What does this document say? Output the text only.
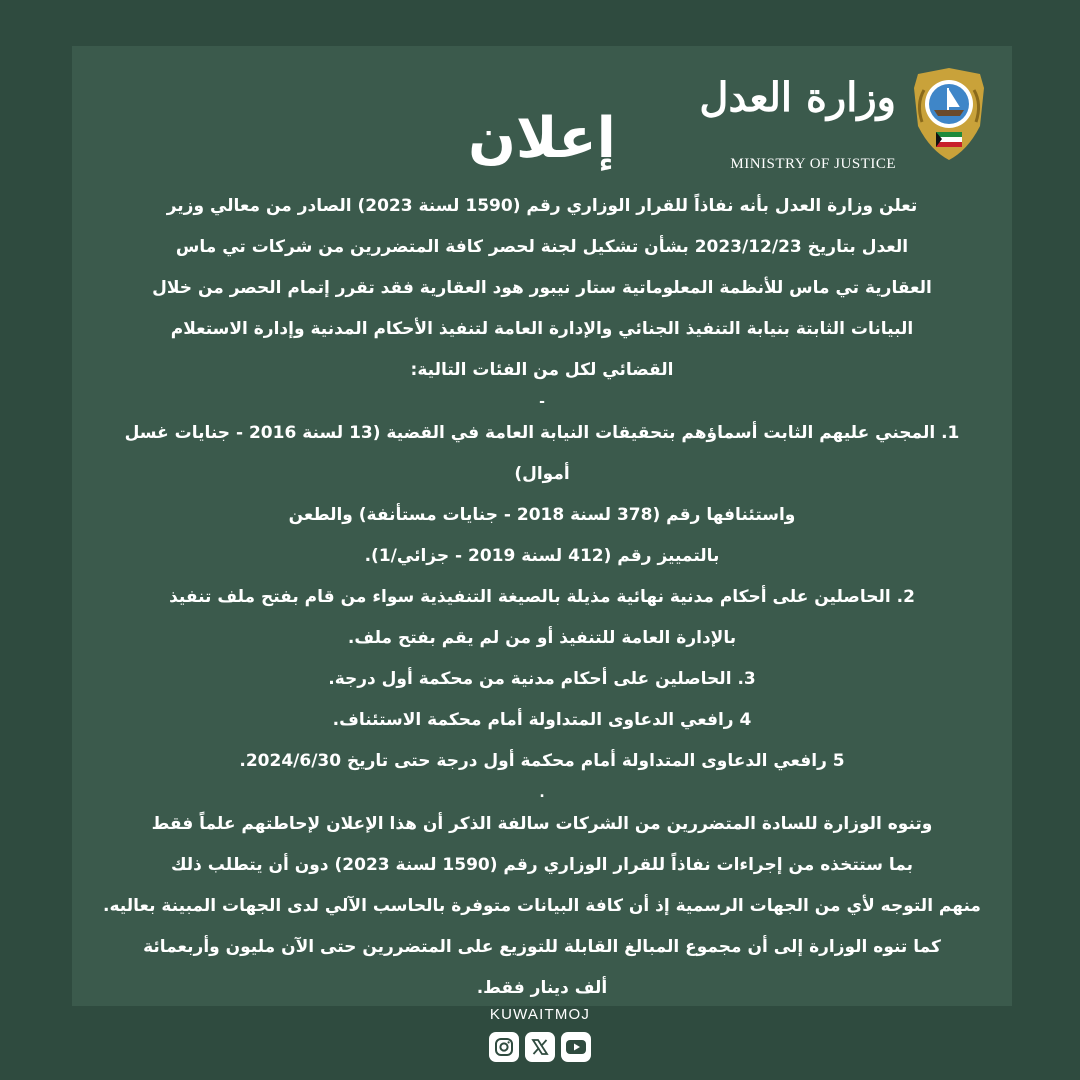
وزارة العدل
MINISTRY OF JUSTICE
إعلان

تعلن وزارة العدل بأنه نفاذاً للقرار الوزاري رقم (1590 لسنة 2023) الصادر من معالي وزير

العدل بتاريخ 2023/12/23 بشأن تشكيل لجنة لحصر كافة المتضررين من شركات تي ماس

العقارية تي ماس للأنظمة المعلوماتية ستار نيبور هود العقارية فقد تقرر إتمام الحصر من خلال

البيانات الثابتة بنيابة التنفيذ الجنائي والإدارة العامة لتنفيذ الأحكام المدنية وإدارة الاستعلام

القضائي لكل من الفئات التالية:

-

1. المجني عليهم الثابت أسماؤهم بتحقيقات النيابة العامة في القضية (13 لسنة 2016 - جنايات غسل أموال)

واستئنافها رقم (378 لسنة 2018 - جنايات مستأنفة) والطعن

بالتمييز رقم (412 لسنة 2019 - جزائي/1).

2. الحاصلين على أحكام مدنية نهائية مذيلة بالصيغة التنفيذية سواء من قام بفتح ملف تنفيذ

بالإدارة العامة للتنفيذ أو من لم يقم بفتح ملف.

3. الحاصلين على أحكام مدنية من محكمة أول درجة.

4 رافعي الدعاوى المتداولة أمام محكمة الاستئناف.

5 رافعي الدعاوى المتداولة أمام محكمة أول درجة حتى تاريخ 2024/6/30.

.

وتنوه الوزارة للسادة المتضررين من الشركات سالفة الذكر أن هذا الإعلان لإحاطتهم علماً فقط

بما ستتخذه من إجراءات نفاذاً للقرار الوزاري رقم (1590 لسنة 2023) دون أن يتطلب ذلك

منهم التوجه لأي من الجهات الرسمية إذ أن كافة البيانات متوفرة بالحاسب الآلي لدى الجهات المبينة بعاليه.

كما تنوه الوزارة إلى أن مجموع المبالغ القابلة للتوزيع على المتضررين حتى الآن مليون وأربعمائة

ألف دينار فقط.

KUWAITMOJ
